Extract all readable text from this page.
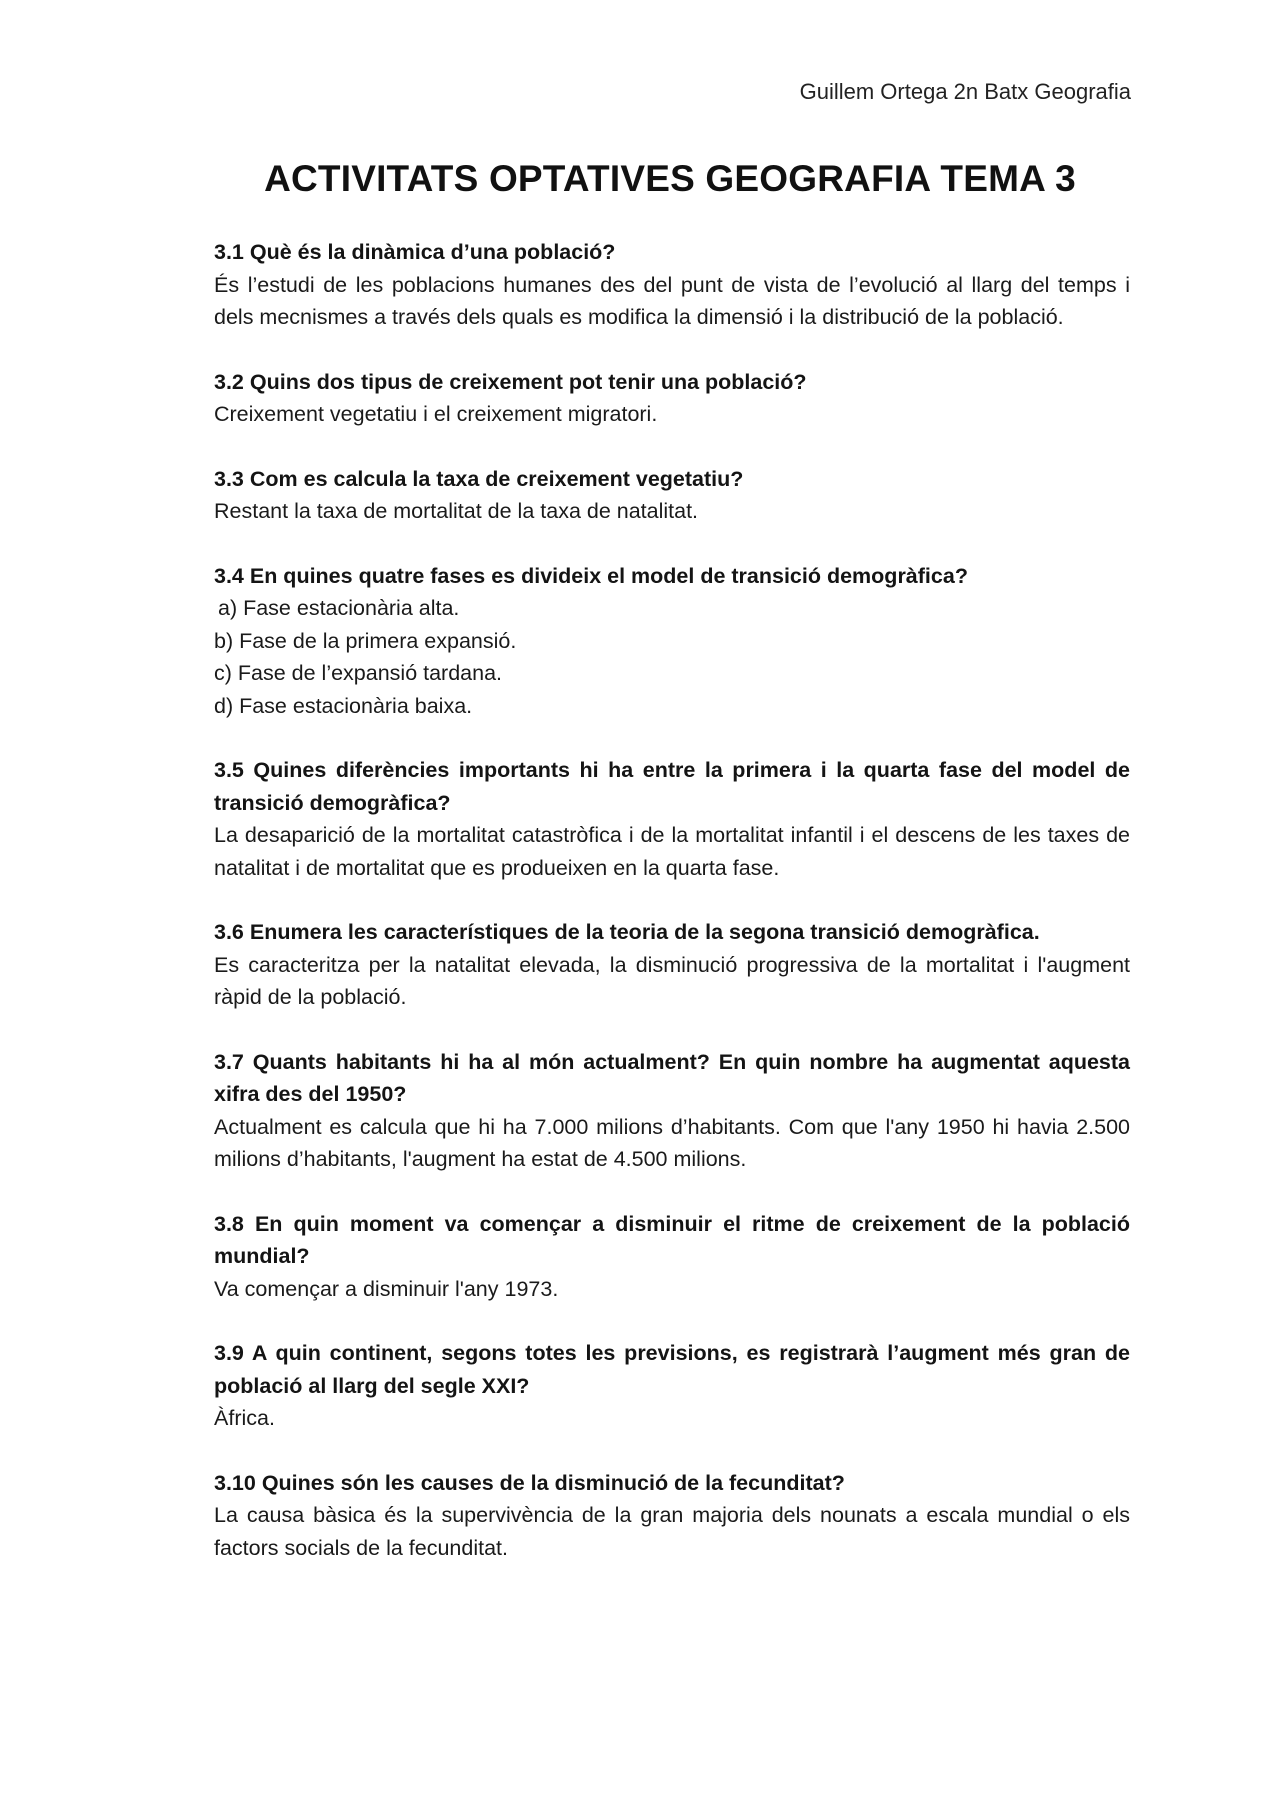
Guillem Ortega 2n Batx Geografia
ACTIVITATS OPTATIVES GEOGRAFIA TEMA 3

3.1 Què és la dinàmica d’una població?

És l’estudi de les poblacions humanes des del punt de vista de l’evolució al llarg del temps i dels mecnismes a través dels quals es modifica la dimensió i la distribució de la població.

3.2 Quins dos tipus de creixement pot tenir una població?

Creixement vegetatiu i el creixement migratori.

3.3 Com es calcula la taxa de creixement vegetatiu?

Restant la taxa de mortalitat de la taxa de natalitat.

3.4 En quines quatre fases es divideix el model de transició demogràfica?

a) Fase estacionària alta.
b) Fase de la primera expansió.
c) Fase de l’expansió tardana.
d) Fase estacionària baixa.

3.5 Quines diferències importants hi ha entre la primera i la quarta fase del model de transició demogràfica?

La desaparició de la mortalitat catastròfica i de la mortalitat infantil i el descens de les taxes de natalitat i de mortalitat que es produeixen en la quarta fase.

3.6 Enumera les característiques de la teoria de la segona transició demogràfica.

Es caracteritza per la natalitat elevada, la disminució progressiva de la mortalitat i l'augment ràpid de la població.

3.7 Quants habitants hi ha al món actualment? En quin nombre ha augmentat aquesta xifra des del 1950?

Actualment es calcula que hi ha 7.000 milions d’habitants. Com que l'any 1950 hi havia 2.500 milions d’habitants, l'augment ha estat de 4.500 milions.

3.8 En quin moment va començar a disminuir el ritme de creixement de la població mundial?

Va començar a disminuir l'any 1973.

3.9 A quin continent, segons totes les previsions, es registrarà l’augment més gran de població al llarg del segle XXI?

Àfrica.

3.10 Quines són les causes de la disminució de la fecunditat?

La causa bàsica és la supervivència de la gran majoria dels nounats a escala mundial o els factors socials de la fecunditat.
